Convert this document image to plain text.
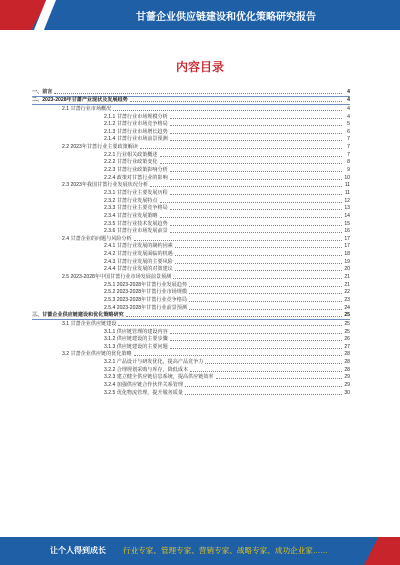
甘蔷企业供应链建设和优化策略研究报告
内容目录
一、前言	4
二、2023-2028年甘蔷产业现状及发展趋势	4
2.1 甘蔷行业市场概况	4
2.1.1 甘蔷行业市场规模分析	4
2.1.2 甘蔷行业市场竞争格局	5
2.1.3 甘蔷行业市场增长趋势	6
2.1.4 甘蔷行业市场前景预测	7
2.2 2023年甘蔷行业主要政策解读	7
2.2.1 行业相关政策概述	7
2.2.2 甘蔷行业政策变化	8
2.2.3 甘蔷行业政策影响分析	9
2.2.4 政策对甘蔷行业的影响	10
2.3 2023年我国甘蔷行业发展状况分析	11
2.3.1 甘蔷行业主要发展历程	11
2.3.2 甘蔷行业发展特点	12
2.3.3 甘蔷行业主要竞争格局	13
2.3.4 甘蔷行业发展策略	14
2.3.5 甘蔷行业技术发展趋势	15
2.3.6 甘蔷行业市场发展前景	16
2.4 甘蔷企业的问题与风险分析	17
2.4.1 甘蔷行业发展的制约因素	17
2.4.2 甘蔷行业发展面临的机遇	18
2.4.3 甘蔷行业发展的主要风险	19
2.4.4 甘蔷行业发展的对策建议	20
2.5 2023-2028年中国甘蔷行业市场发展前景预测	21
2.5.1 2023-2028年甘蔷行业发展趋势	21
2.5.2 2023-2028年甘蔷行业市场规模	22
2.5.3 2023-2028年甘蔷行业竞争格局	23
2.5.4 2023-2028年甘蔷行业前景预测	24
三、甘蔷企业供应链建设和优化策略研究	25
3.1 甘蔷企业供应链建设	25
3.1.1 供应链管理的建设内容	25
3.1.2 供应链建设的主要步骤	26
3.1.3 供应链建设的主要问题	27
3.2 甘蔷企业供应链的优化策略	28
3.2.1 产品设计与研发优化，提高产品竞争力	28
3.2.2 合理规划采购与库存，降低成本	28
3.2.3 建立健全供应链信息系统，提高供应链效率	29
3.2.4 加强供应链合作伙伴关系管理	29
3.2.5 优化物流管理，提升服务质量	30
让个人得到成长 行业专家、管理专家、营销专家、战略专家、成功企业家……
